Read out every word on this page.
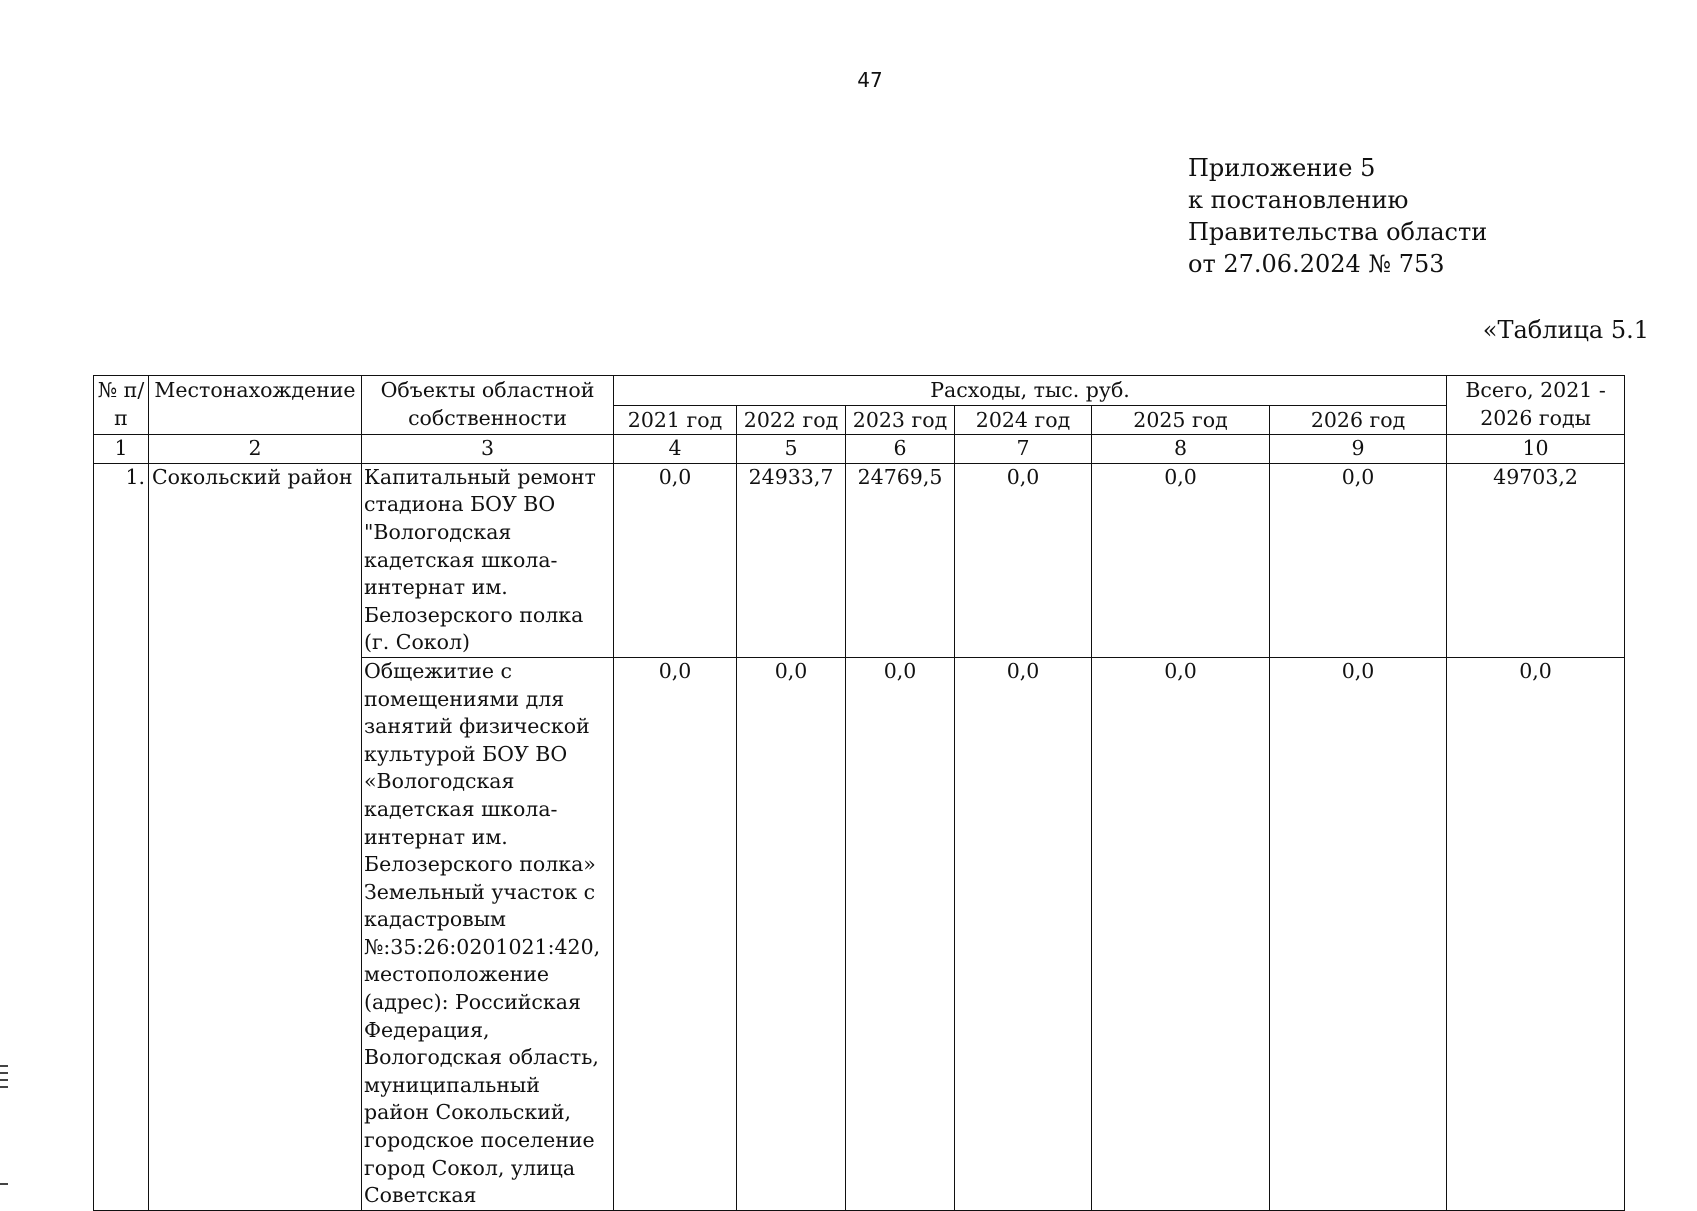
47
Приложение 5
к постановлению
Правительства области
от 27.06.2024 № 753
«Таблица 5.1
№ п/п	Местонахождение	Объекты областной собственности	Расходы, тыс. руб.						Всего, 2021 - 2026 годы
			2021 год	2022 год	2023 год	2024 год	2025 год	2026 год	
1	2	3	4	5	6	7	8	9	10
1.	Сокольский район	Капитальный ремонт стадиона БОУ ВО "Вологодская кадетская школа-интернат им. Белозерского полка (г. Сокол)	0,0	24933,7	24769,5	0,0	0,0	0,0	49703,2
		Общежитие с помещениями для занятий физической культурой БОУ ВО «Вологодская кадетская школа-интернат им. Белозерского полка» Земельный участок с кадастровым №:35:26:0201021:420, местоположение (адрес): Российская Федерация, Вологодская область, муниципальный район Сокольский, городское поселение город Сокол, улица Советская	0,0	0,0	0,0	0,0	0,0	0,0	0,0
